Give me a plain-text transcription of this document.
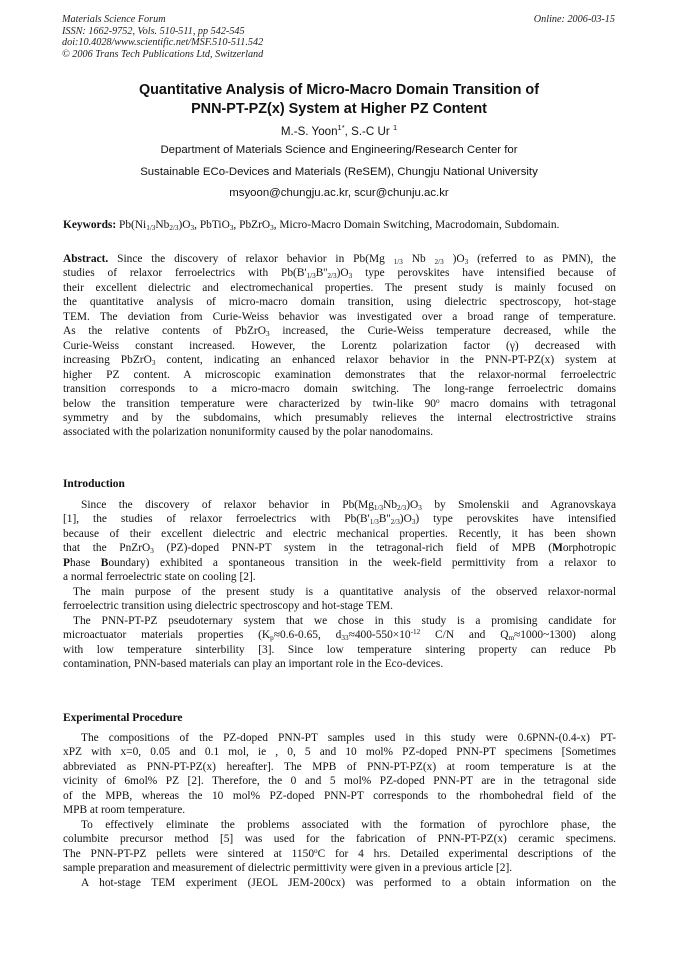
Materials Science Forum
ISSN: 1662-9752, Vols. 510-511, pp 542-545
doi:10.4028/www.scientific.net/MSF.510-511.542
© 2006 Trans Tech Publications Ltd, Switzerland
Online: 2006-03-15
Quantitative Analysis of Micro-Macro Domain Transition of
PNN-PT-PZ(x) System at Higher PZ Content
M.-S. Yoon$^{1*}$, S.-C Ur $^1$
Department of Materials Science and Engineering/Research Center for
Sustainable ECo-Devices and Materials (ReSEM), Chungju National University
msyoon@chungju.ac.kr, scur@chunju.ac.kr
Keywords: $Pb(Ni_{1/3}Nb_{2/3})O_3$, PbTiO$_3$, PbZrO$_3$, Micro-Macro Domain Switching, Macrodomain, Subdomain.
Abstract. Since the discovery of relaxor behavior in Pb(Mg $_{1/3}$ Nb $_{2/3}$ )$O_3$ (referred to as PMN), the
studies of relaxor ferroelectrics with $Pb(B'_{1/3}B''_{2/3})O_3$ type perovskites have intensified because of
their excellent dielectric and electromechanical properties. The present study is mainly focused on
the quantitative analysis of micro-macro domain transition, using dielectric spectroscopy, hot-stage
TEM. The deviation from Curie-Weiss behavior was investigated over a broad range of temperature.
As the relative contents of PbZrO$_3$ increased, the Curie-Weiss temperature decreased, while the
Curie-Weiss constant increased. However, the Lorentz polarization factor (γ) decreased with
increasing PbZrO$_3$ content, indicating an enhanced relaxor behavior in the PNN-PT-PZ(x) system at
higher PZ content. A microscopic examination demonstrates that the relaxor-normal ferroelectric
transition corresponds to a micro-macro domain switching. The long-range ferroelectric domains
below the transition temperature were characterized by twin-like 90$^o$ macro domains with tetragonal
symmetry and by the subdomains, which presumably relieves the internal electrostrictive strains
associated with the polarization nonuniformity caused by the polar nanodomains.
Introduction
Since the discovery of relaxor behavior in $Pb(Mg_{1/3}Nb_{2/3})O_3$ by Smolenskii and Agranovskaya
[1], the studies of relaxor ferroelectrics with $Pb(B'_{1/3}B''_{2/3})O_3$) type perovskites have intensified
because of their excellent dielectric and electric mechanical properties. Recently, it has been shown
that the PnZrO$_3$ (PZ)-doped PNN-PT system in the tetragonal-rich field of MPB (Morphotropic
Phase Boundary) exhibited a spontaneous transition in the week-field permittivity from a relaxor to
a normal ferroelectric state on cooling [2].
The main purpose of the present study is a quantitative analysis of the observed relaxor-normal
ferroelectric transition using dielectric spectroscopy and hot-stage TEM.
The PNN-PT-PZ pseudoternary system that we chose in this study is a promising candidate for
microactuator materials properties ($K_p\approx 0.6-0.65$, $d_{33}\approx 400-550\times 10^{-12}$ C/N and $Q_m\approx 1000\sim 1300$) along
with low temperature sinterbility [3]. Since low temperature sintering property can reduce Pb
contamination, PNN-based materials can play an important role in the Eco-devices.
Experimental Procedure
The compositions of the PZ-doped PNN-PT samples used in this study were 0.6PNN-(0.4-x) PT-
xPZ with x=0, 0.05 and 0.1 mol, ie , 0, 5 and 10 mol% PZ-doped PNN-PT specimens [Sometimes
abbreviated as PNN-PT-PZ(x) hereafter]. The MPB of PNN-PT-PZ(x) at room temperature is at the
vicinity of 6mol% PZ [2]. Therefore, the 0 and 5 mol% PZ-doped PNN-PT are in the tetragonal side
of the MPB, whereas the 10 mol% PZ-doped PNN-PT corresponds to the rhombohedral field of the
MPB at room temperature.
To effectively eliminate the problems associated with the formation of pyrochlore phase, the
columbite precursor method [5] was used for the fabrication of PNN-PT-PZ(x) ceramic specimens.
The PNN-PT-PZ pellets were sintered at 1150$^o$C for 4 hrs. Detailed experimental descriptions of the
sample preparation and measurement of dielectric permittivity were given in a previous article [2].
A hot-stage TEM experiment (JEOL JEM-200cx) was performed to a obtain information on the
